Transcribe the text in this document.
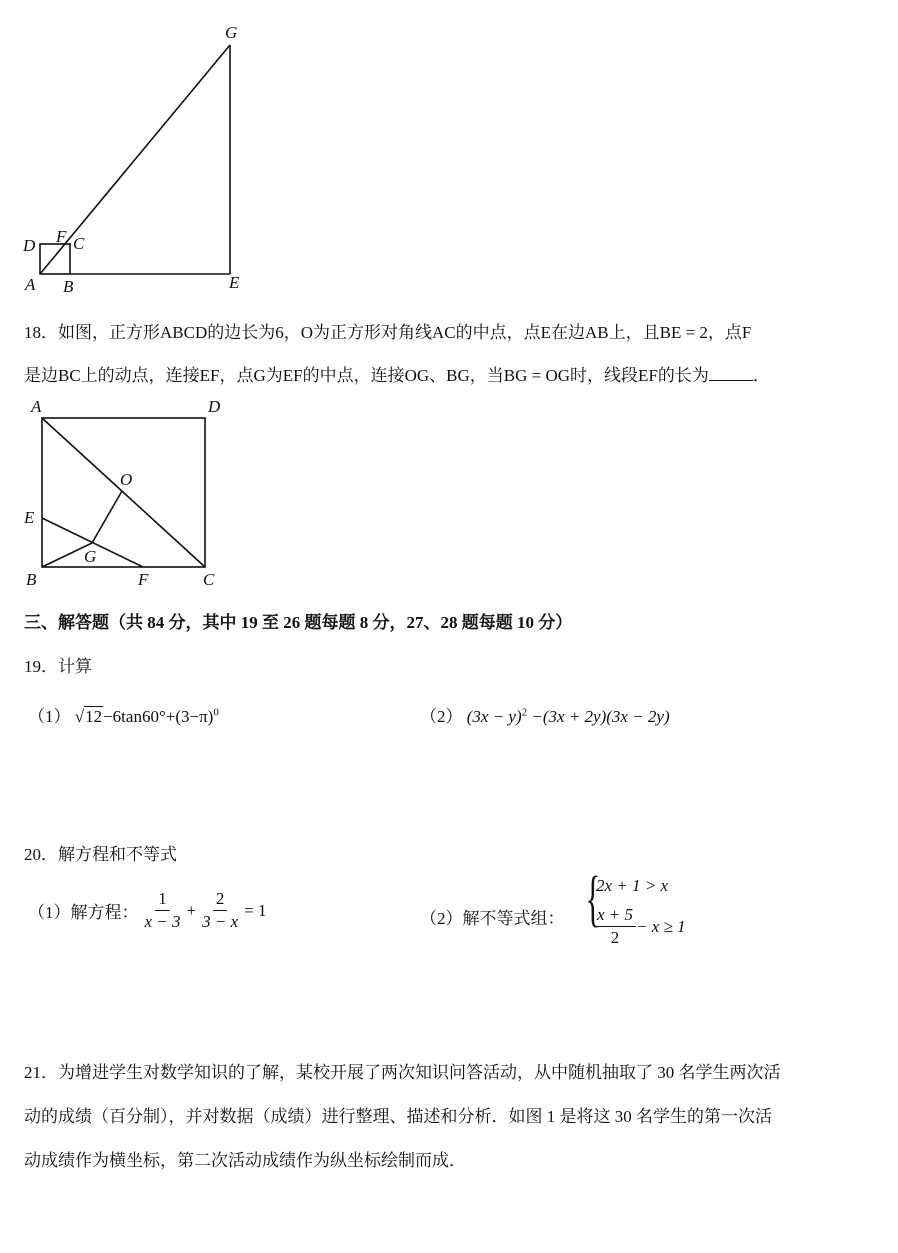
G
D F C
A B	E
18．如图，正方形ABCD的边长为6，O为正方形对角线AC的中点，点E在边AB上，且BE = 2，点F
是边BC上的动点，连接EF，点G为EF的中点，连接OG、BG，当BG = OG时，线段EF的长为	．
A	D
O
E
G
B	F	C
三、解答题（共 84 分，其中 19 至 26 题每题 8 分，27、28 题每题 10 分）
19．计算
（1） $√12-6\tan 60^\circ+(3-\pi)^0$	（2） $(3x - y)^2 -(3x + 2y)(3x - 2y)$
20．解方程和不等式
（1）解方程： $\frac{1}{x - 3} + \frac{2}{3 - x} = 1$	（2）解不等式组： {
2x + 1 > x
$\frac{x + 5}{2} - x \ge 1$
21．为增进学生对数学知识的了解，某校开展了两次知识问答活动，从中随机抽取了 30 名学生两次活
动的成绩（百分制），并对数据（成绩）进行整理、描述和分析．如图 1 是将这 30 名学生的第一次活
动成绩作为横坐标，第二次活动成绩作为纵坐标绘制而成．
